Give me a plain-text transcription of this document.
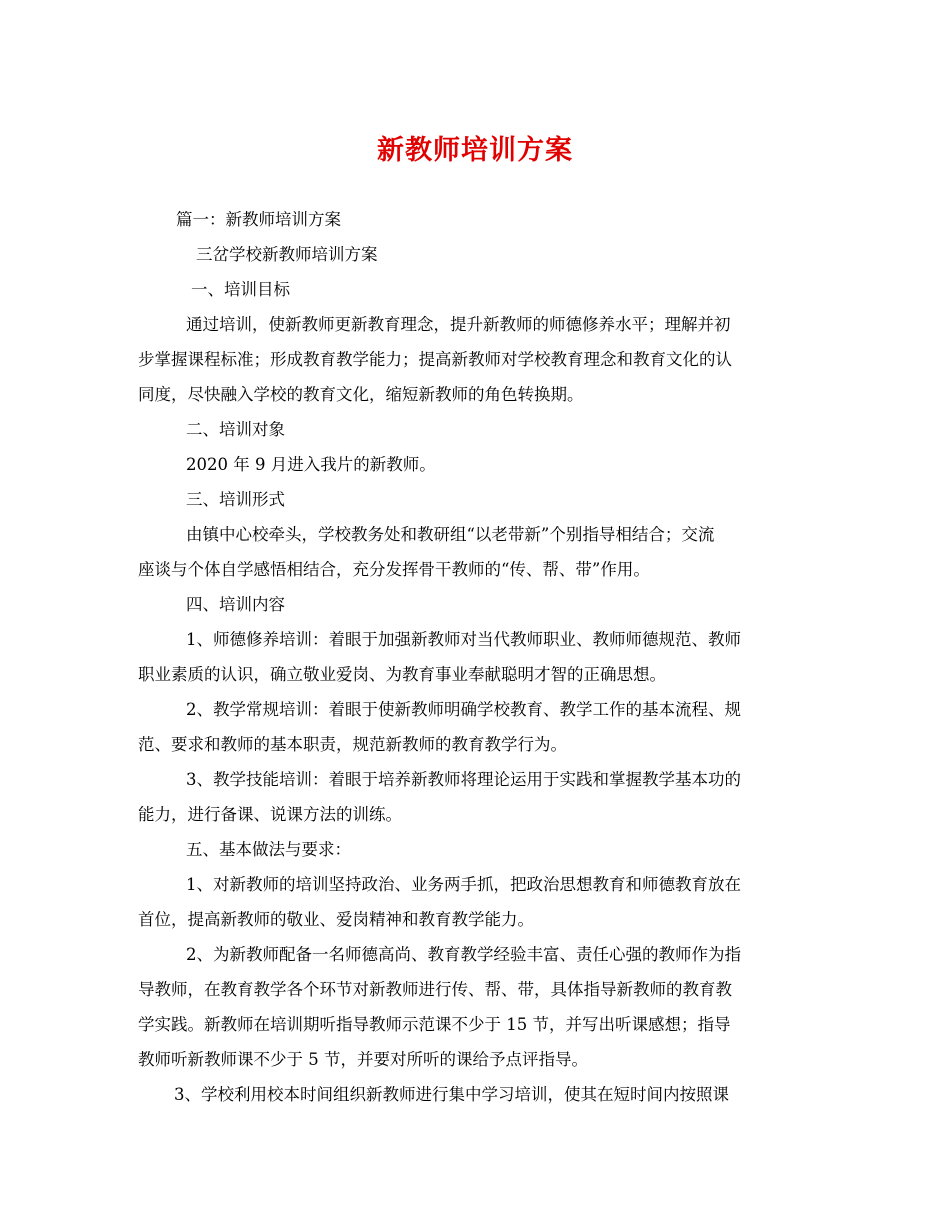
新教师培训方案
篇一：新教师培训方案
三岔学校新教师培训方案
一、培训目标
通过培训，使新教师更新教育理念，提升新教师的师德修养水平；理解并初
步掌握课程标准；形成教育教学能力；提高新教师对学校教育理念和教育文化的认
同度，尽快融入学校的教育文化，缩短新教师的角色转换期。
二、培训对象
2020 年 9 月进入我片的新教师。
三、培训形式
由镇中心校牵头，学校教务处和教研组“以老带新”个别指导相结合；交流
座谈与个体自学感悟相结合，充分发挥骨干教师的“传、帮、带”作用。
四、培训内容
1、师德修养培训：着眼于加强新教师对当代教师职业、教师师德规范、教师
职业素质的认识，确立敬业爱岗、为教育事业奉献聪明才智的正确思想。
2、教学常规培训：着眼于使新教师明确学校教育、教学工作的基本流程、规
范、要求和教师的基本职责，规范新教师的教育教学行为。
3、教学技能培训：着眼于培养新教师将理论运用于实践和掌握教学基本功的
能力，进行备课、说课方法的训练。
五、基本做法与要求：
1、对新教师的培训坚持政治、业务两手抓，把政治思想教育和师德教育放在
首位，提高新教师的敬业、爱岗精神和教育教学能力。
2、为新教师配备一名师德高尚、教育教学经验丰富、责任心强的教师作为指
导教师，在教育教学各个环节对新教师进行传、帮、带，具体指导新教师的教育教
学实践。新教师在培训期听指导教师示范课不少于 15 节，并写出听课感想；指导
教师听新教师课不少于 5 节，并要对所听的课给予点评指导。
3、学校利用校本时间组织新教师进行集中学习培训，使其在短时间内按照课
